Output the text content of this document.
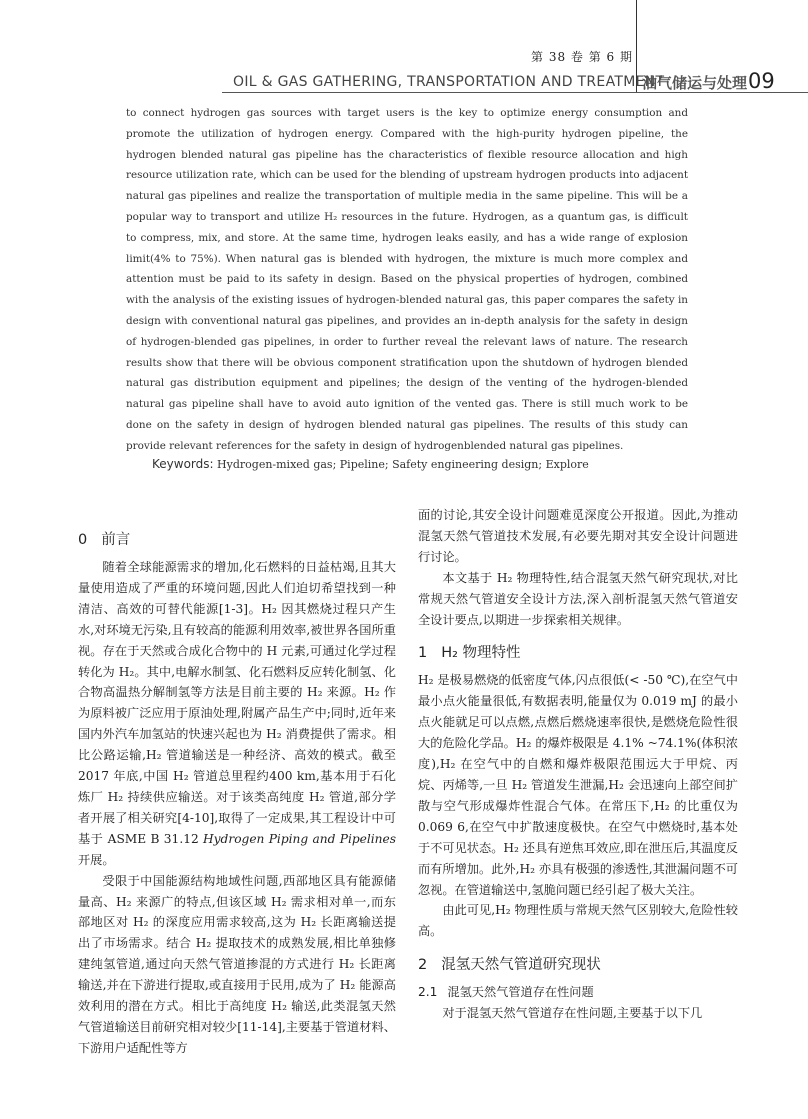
第 38 卷 第 6 期
OIL & GAS GATHERING, TRANSPORTATION AND TREATMENT
油气储运与处理 09
to connect hydrogen gas sources with target users is the key to optimize energy consumption and promote the utilization of hydrogen energy. Compared with the high-purity hydrogen pipeline, the hydrogen blended natural gas pipeline has the characteristics of flexible resource allocation and high resource utilization rate, which can be used for the blending of upstream hydrogen products into adjacent natural gas pipelines and realize the transportation of multiple media in the same pipeline. This will be a popular way to transport and utilize H₂ resources in the future. Hydrogen, as a quantum gas, is difficult to compress, mix, and store. At the same time, hydrogen leaks easily, and has a wide range of explosion limit(4% to 75%). When natural gas is blended with hydrogen, the mixture is much more complex and attention must be paid to its safety in design. Based on the physical properties of hydrogen, combined with the analysis of the existing issues of hydrogen-blended natural gas, this paper compares the safety in design with conventional natural gas pipelines, and provides an in-depth analysis for the safety in design of hydrogen-blended gas pipelines, in order to further reveal the relevant laws of nature. The research results show that there will be obvious component stratification upon the shutdown of hydrogen blended natural gas distribution equipment and pipelines; the design of the venting of the hydrogen-blended natural gas pipeline shall have to avoid auto ignition of the vented gas. There is still much work to be done on the safety in design of hydrogen blended natural gas pipelines. The results of this study can provide relevant references for the safety in design of hydrogenblended natural gas pipelines.
Keywords: Hydrogen-mixed gas; Pipeline; Safety engineering design; Explore
0 前言

随着全球能源需求的增加,化石燃料的日益枯竭,且其大量使用造成了严重的环境问题,因此人们迫切希望找到一种清洁、高效的可替代能源[1-3]。H₂ 因其燃烧过程只产生水,对环境无污染,且有较高的能源利用效率,被世界各国所重视。存在于天然或合成化合物中的 H 元素,可通过化学过程转化为 H₂。其中,电解水制氢、化石燃料反应转化制氢、化合物高温热分解制氢等方法是目前主要的 H₂ 来源。H₂ 作为原料被广泛应用于原油处理,附属产品生产中;同时,近年来国内外汽车加氢站的快速兴起也为 H₂ 消费提供了需求。相比公路运输,H₂ 管道输送是一种经济、高效的模式。截至 2017 年底,中国 H₂ 管道总里程约400 km,基本用于石化炼厂 H₂ 持续供应输送。对于该类高纯度 H₂ 管道,部分学者开展了相关研究[4-10],取得了一定成果,其工程设计中可基于 ASME B 31.12 Hydrogen Piping and Pipelines 开展。

受限于中国能源结构地域性问题,西部地区具有能源储量高、H₂ 来源广的特点,但该区域 H₂ 需求相对单一,而东部地区对 H₂ 的深度应用需求较高,这为 H₂ 长距离输送提出了市场需求。结合 H₂ 提取技术的成熟发展,相比单独修建纯氢管道,通过向天然气管道掺混的方式进行 H₂ 长距离输送,并在下游进行提取,或直接用于民用,成为了 H₂ 能源高效利用的潜在方式。相比于高纯度 H₂ 输送,此类混氢天然气管道输送目前研究相对较少[11-14],主要基于管道材料、下游用户适配性等方

面的讨论,其安全设计问题难觅深度公开报道。因此,为推动混氢天然气管道技术发展,有必要先期对其安全设计问题进行讨论。

本文基于 H₂ 物理特性,结合混氢天然气研究现状,对比常规天然气管道安全设计方法,深入剖析混氢天然气管道安全设计要点,以期进一步探索相关规律。

1 H₂ 物理特性

H₂ 是极易燃烧的低密度气体,闪点很低(< -50 ℃),在空气中最小点火能量很低,有数据表明,能量仅为 0.019 mJ 的最小点火能就足可以点燃,点燃后燃烧速率很快,是燃烧危险性很大的危险化学品。H₂ 的爆炸极限是 4.1% ~74.1%(体积浓度),H₂ 在空气中的自燃和爆炸极限范围远大于甲烷、丙烷、丙烯等,一旦 H₂ 管道发生泄漏,H₂ 会迅速向上部空间扩散与空气形成爆炸性混合气体。在常压下,H₂ 的比重仅为 0.069 6,在空气中扩散速度极快。在空气中燃烧时,基本处于不可见状态。H₂ 还具有逆焦耳效应,即在泄压后,其温度反而有所增加。此外,H₂ 亦具有极强的渗透性,其泄漏问题不可忽视。在管道输送中,氢脆问题已经引起了极大关注。

由此可见,H₂ 物理性质与常规天然气区别较大,危险性较高。

2 混氢天然气管道研究现状
2.1 混氢天然气管道存在性问题

对于混氢天然气管道存在性问题,主要基于以下几
